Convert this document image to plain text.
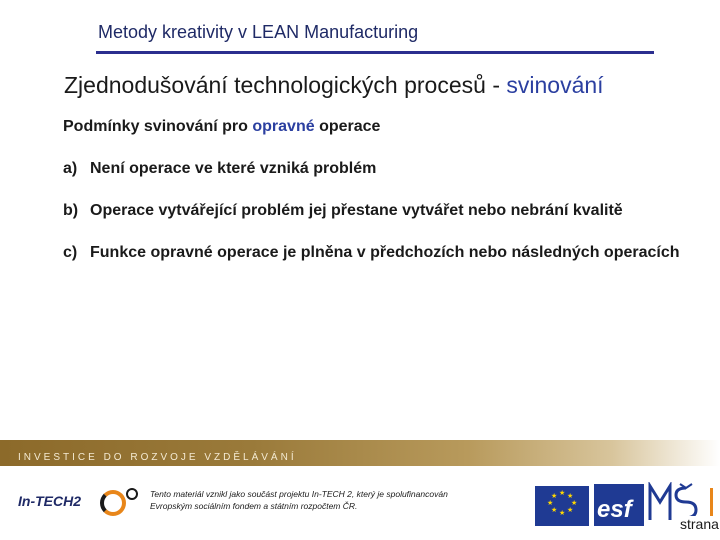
Metody kreativity v LEAN Manufacturing
Zjednodušování technologických procesů - svinování
Podmínky svinování pro opravné operace
a) Není operace ve které vzniká problém
b) Operace vytvářející problém jej přestane vytvářet nebo nebrání kvalitě
c) Funkce opravné operace je plněna v předchozích nebo následných operacích
INVESTICE DO ROZVOJE VZDĚLÁVÁNÍ
In-TECH2	Tento materiál vznikl jako součást projektu In-TECH 2, který je spolufinancován Evropským sociálním fondem a státním rozpočtem ČR.
★ ★
★
★
★
★
★
★
EVROPSKÁ UNIE esf
strana
